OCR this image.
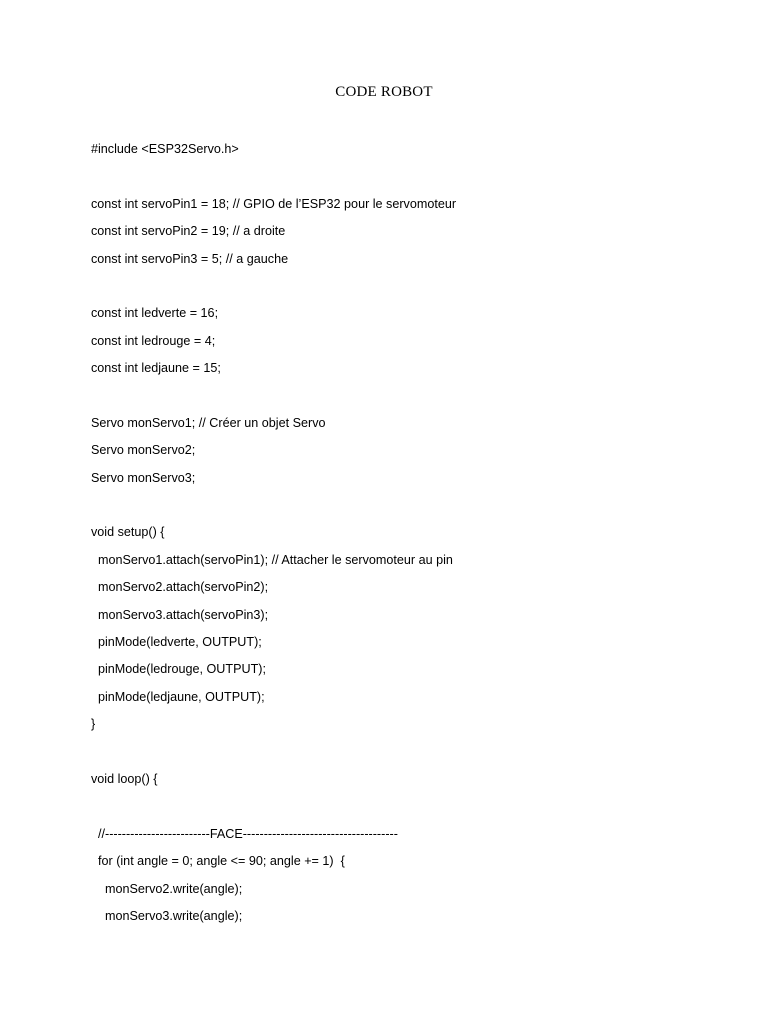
CODE ROBOT
#include <ESP32Servo.h>
const int servoPin1 = 18; // GPIO de l’ESP32 pour le servomoteur
const int servoPin2 = 19; // a droite
const int servoPin3 = 5; // a gauche
const int ledverte = 16;
const int ledrouge = 4;
const int ledjaune = 15;
Servo monServo1; // Créer un objet Servo
Servo monServo2;
Servo monServo3;
void setup() {
monServo1.attach(servoPin1); // Attacher le servomoteur au pin
monServo2.attach(servoPin2);
monServo3.attach(servoPin3);
pinMode(ledverte, OUTPUT);
pinMode(ledrouge, OUTPUT);
pinMode(ledjaune, OUTPUT);
}
void loop() {
//-------------------------FACE-------------------------------------
for (int angle = 0; angle <= 90; angle += 1)  {
monServo2.write(angle);
monServo3.write(angle);
